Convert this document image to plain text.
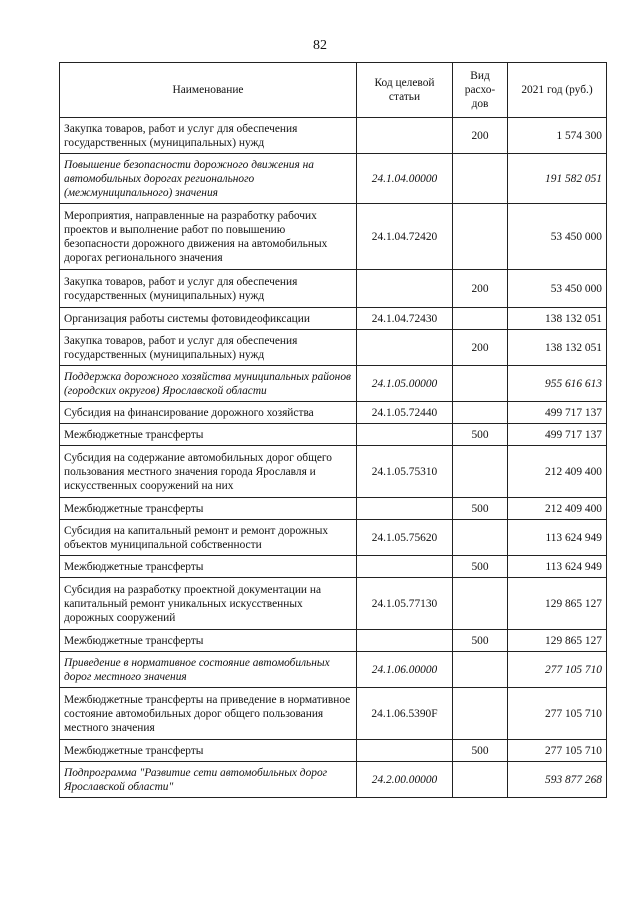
82
Наименование	Код целевой статьи	Вид расхо-дов	2021 год (руб.)
Закупка товаров, работ и услуг для обеспечения государственных (муниципальных) нужд		200	1 574 300
Повышение безопасности дорожного движения на автомобильных дорогах регионального (межмуниципального) значения	24.1.04.00000		191 582 051
Мероприятия, направленные на разработку рабочих проектов и выполнение работ по повышению безопасности дорожного движения на автомобильных дорогах регионального значения	24.1.04.72420		53 450 000
Закупка товаров, работ и услуг для обеспечения государственных (муниципальных) нужд		200	53 450 000
Организация работы системы фотовидеофиксации	24.1.04.72430		138 132 051
Закупка товаров, работ и услуг для обеспечения государственных (муниципальных) нужд		200	138 132 051
Поддержка дорожного хозяйства муниципальных районов (городских округов) Ярославской области	24.1.05.00000		955 616 613
Субсидия на финансирование дорожного хозяйства	24.1.05.72440		499 717 137
Межбюджетные трансферты		500	499 717 137
Субсидия на содержание автомобильных дорог общего пользования местного значения города Ярославля и искусственных сооружений на них	24.1.05.75310		212 409 400
Межбюджетные трансферты		500	212 409 400
Субсидия на капитальный ремонт и ремонт дорожных объектов муниципальной собственности	24.1.05.75620		113 624 949
Межбюджетные трансферты		500	113 624 949
Субсидия на разработку проектной документации на капитальный ремонт уникальных искусственных дорожных сооружений	24.1.05.77130		129 865 127
Межбюджетные трансферты		500	129 865 127
Приведение в нормативное состояние автомобильных дорог местного значения	24.1.06.00000		277 105 710
Межбюджетные трансферты на приведение в нормативное состояние автомобильных дорог общего пользования местного значения	24.1.06.5390F		277 105 710
Межбюджетные трансферты		500	277 105 710
Подпрограмма "Развитие сети автомобильных дорог Ярославской области"	24.2.00.00000		593 877 268
